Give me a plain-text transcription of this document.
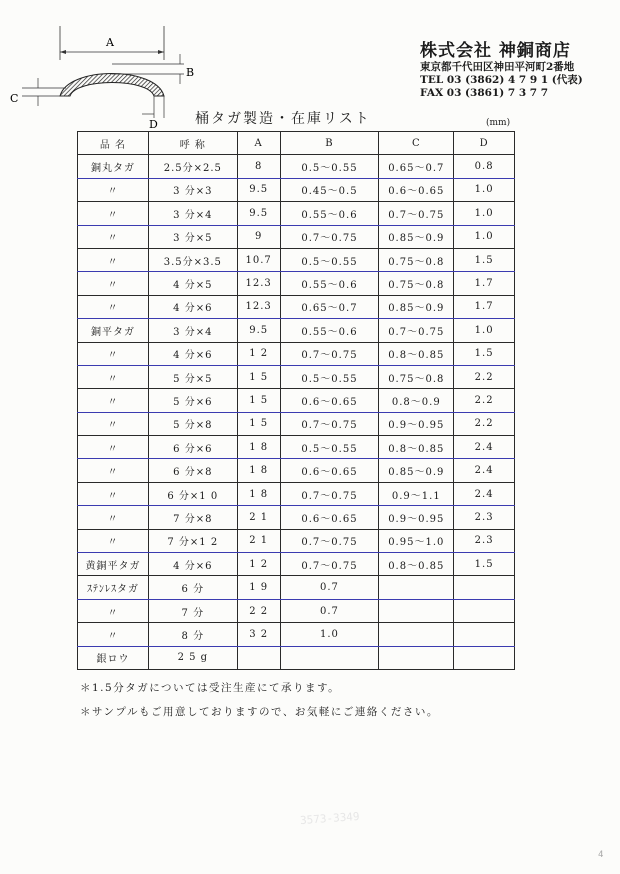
A
B
C
D
株式会社 神銅商店
東京都千代田区神田平河町2番地
TEL 03 (3862) 4 7 9 1 (代表)
FAX 03 (3861) 7 3 7 7
桶タガ製造・在庫リスト	(mm)
品 名	呼 称	A	B	C	D
銅丸タガ	2.5分×2.5	8	0.5〜0.55	0.65〜0.7	0.8
〃	3 分×3	9.5	0.45〜0.5	0.6〜0.65	1.0
〃	3 分×4	9.5	0.55〜0.6	0.7〜0.75	1.0
〃	3 分×5	9	0.7〜0.75	0.85〜0.9	1.0
〃	3.5分×3.5	10.7	0.5〜0.55	0.75〜0.8	1.5
〃	4 分×5	12.3	0.55〜0.6	0.75〜0.8	1.7
〃	4 分×6	12.3	0.65〜0.7	0.85〜0.9	1.7
銅平タガ	3 分×4	9.5	0.55〜0.6	0.7〜0.75	1.0
〃	4 分×6	1 2	0.7〜0.75	0.8〜0.85	1.5
〃	5 分×5	1 5	0.5〜0.55	0.75〜0.8	2.2
〃	5 分×6	1 5	0.6〜0.65	0.8〜0.9	2.2
〃	5 分×8	1 5	0.7〜0.75	0.9〜0.95	2.2
〃	6 分×6	1 8	0.5〜0.55	0.8〜0.85	2.4
〃	6 分×8	1 8	0.6〜0.65	0.85〜0.9	2.4
〃	6 分×1 0	1 8	0.7〜0.75	0.9〜1.1	2.4
〃	7 分×8	2 1	0.6〜0.65	0.9〜0.95	2.3
〃	7 分×1 2	2 1	0.7〜0.75	0.95〜1.0	2.3
黄銅平タガ	4 分×6	1 2	0.7〜0.75	0.8〜0.85	1.5
ｽﾃﾝﾚｽタガ	6 分	1 9	0.7		
〃	7 分	2 2	0.7		
〃	8 分	3 2	1.0		
銀ロウ	2 5 g				
＊1.5分タガについては受注生産にて承ります。
＊サンプルもご用意しておりますので、お気軽にご連絡ください。
3573-3349
4
